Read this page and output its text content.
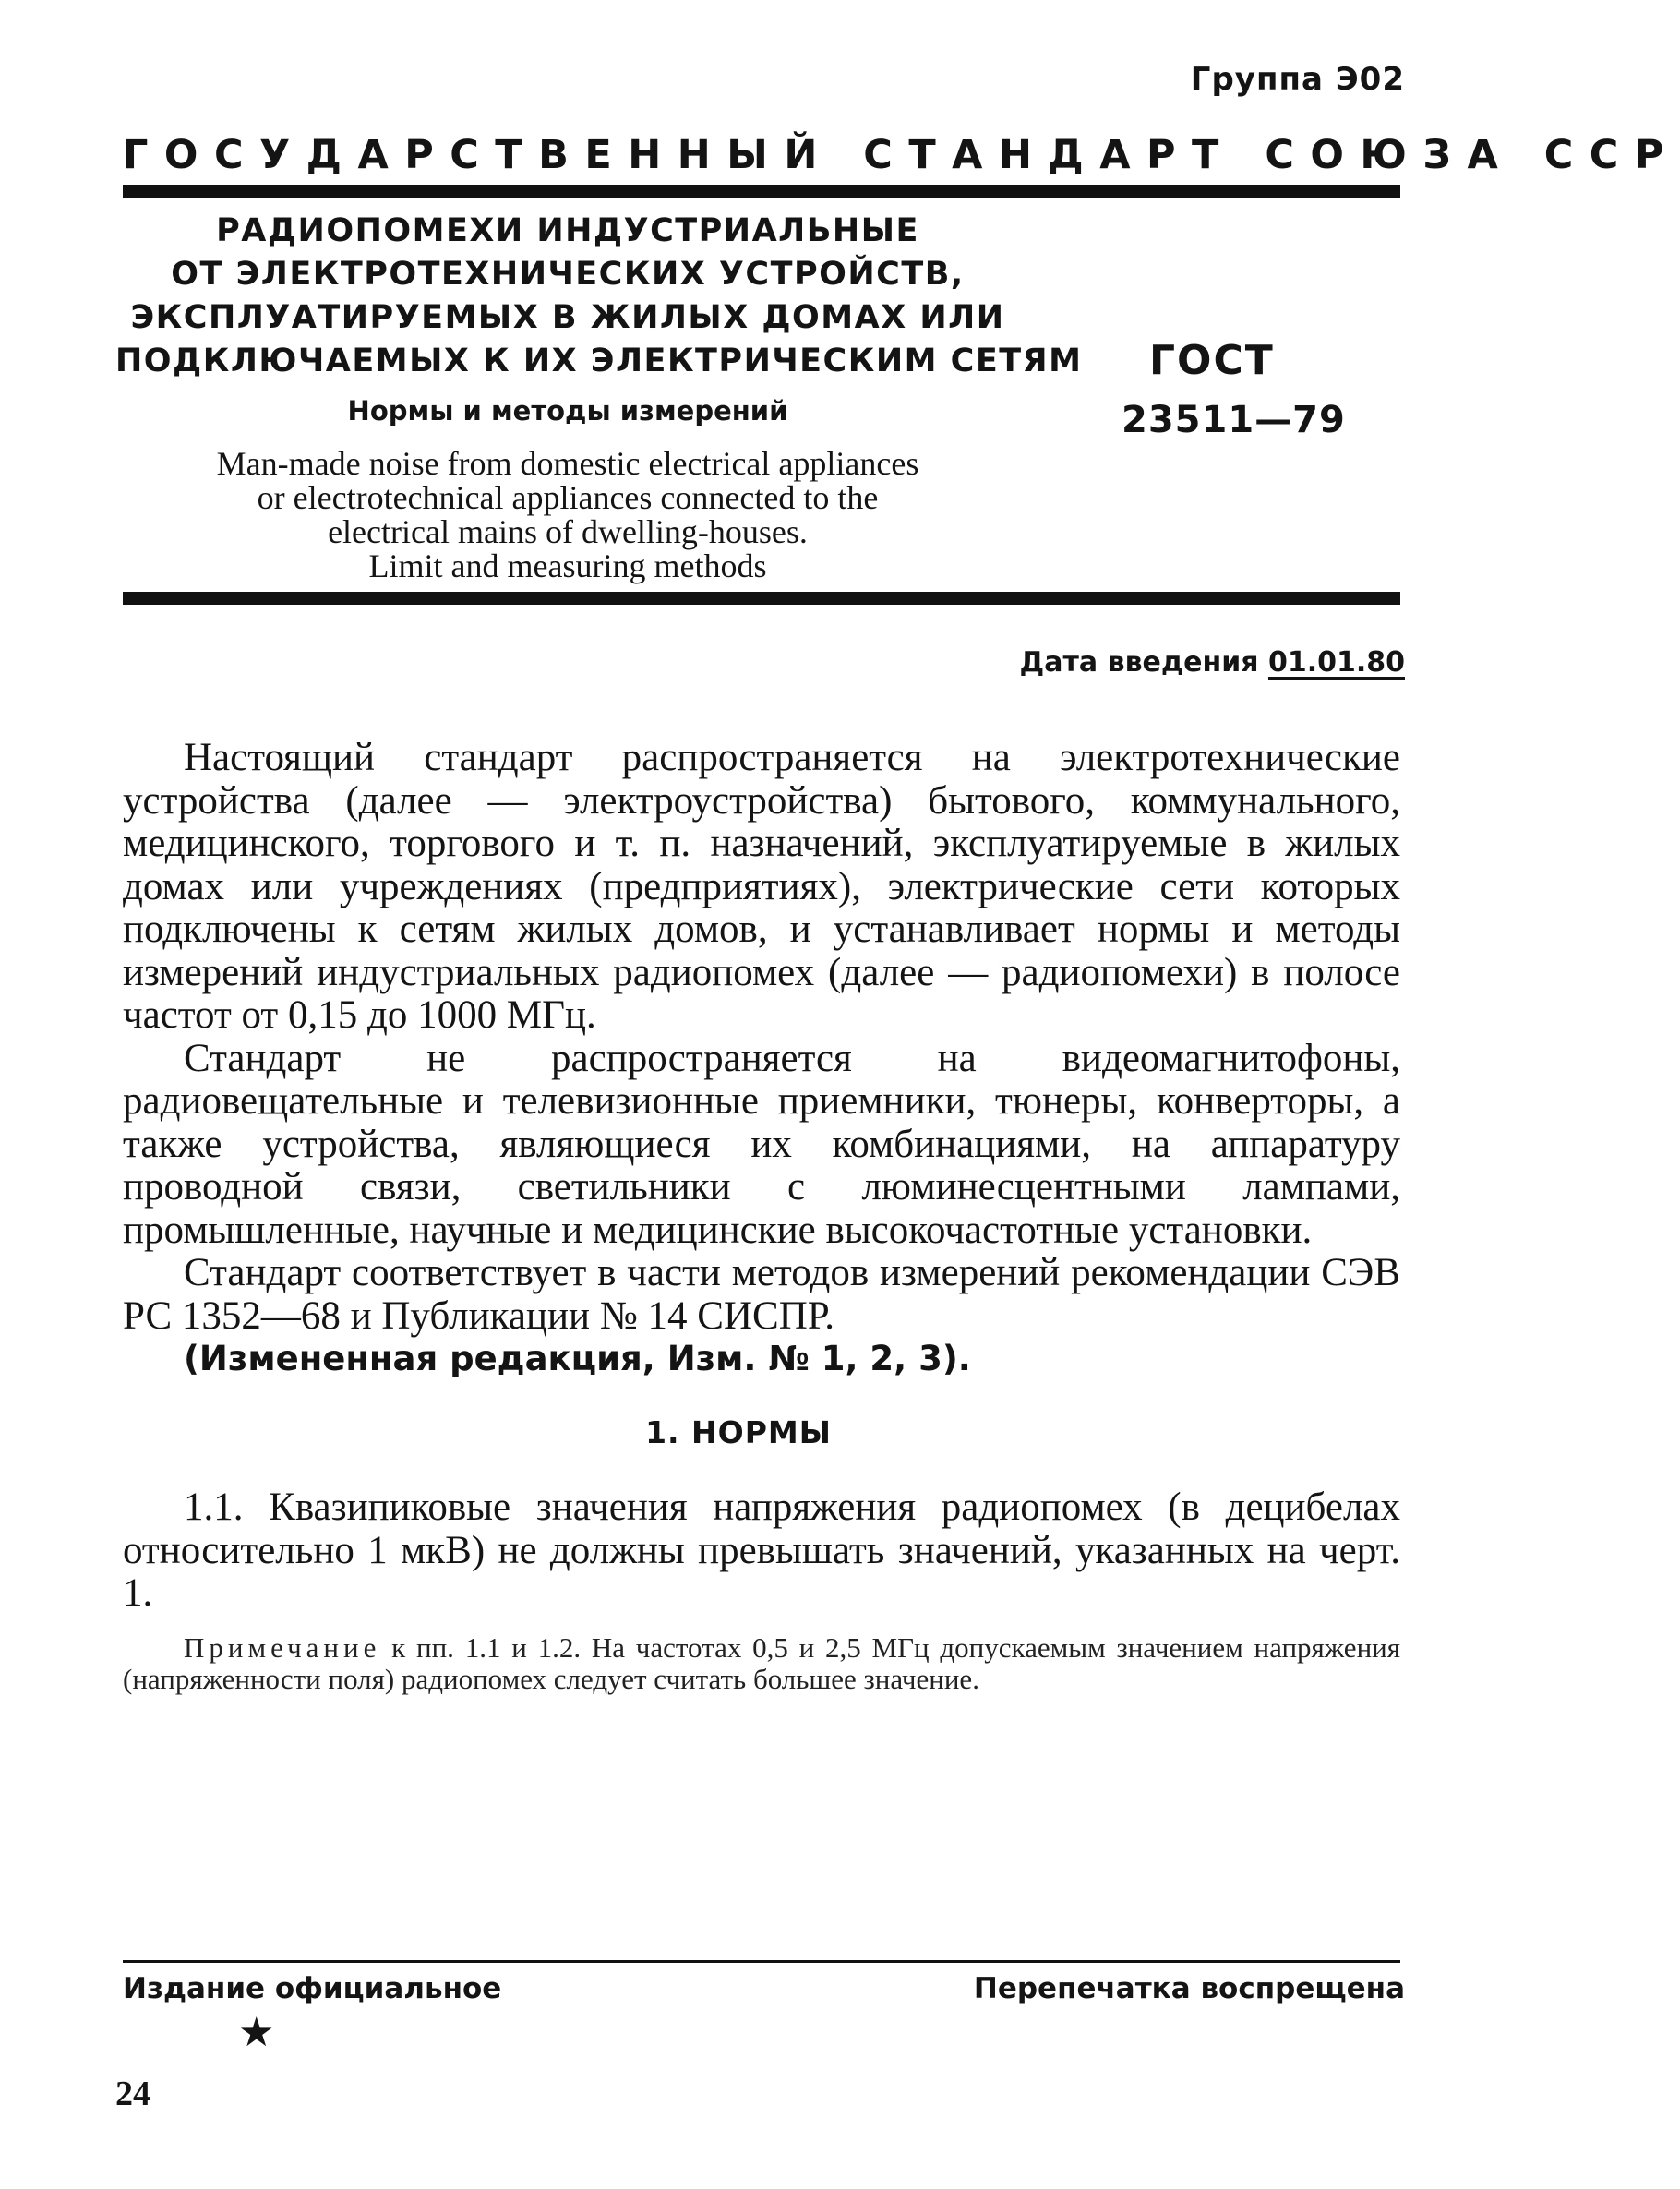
Группа Э02
ГОСУДАРСТВЕННЫЙ СТАНДАРТ СОЮЗА ССР
РАДИОПОМЕХИ ИНДУСТРИАЛЬНЫЕ
ОТ ЭЛЕКТРОТЕХНИЧЕСКИХ УСТРОЙСТВ,
ЭКСПЛУАТИРУЕМЫХ В ЖИЛЫХ ДОМАХ ИЛИ
ПОДКЛЮЧАЕМЫХ К ИХ ЭЛЕКТРИЧЕСКИМ СЕТЯМ
Нормы и методы измерений
Man-made noise from domestic electrical appliances
or electrotechnical appliances connected to the
electrical mains of dwelling-houses.
Limit and measuring methods
ГОСТ
23511—79
Дата введения 01.01.80

Настоящий стандарт распространяется на электротехнические устройства (далее — электроустройства) бытового, коммунального, медицинского, торгового и т. п. назначений, эксплуатируемые в жилых домах или учреждениях (предприятиях), электрические сети которых подключены к сетям жилых домов, и устанавливает нормы и методы измерений индустриальных радиопомех (далее — радиопомехи) в полосе частот от 0,15 до 1000 МГц.

Стандарт не распространяется на видеомагнитофоны, радиовещательные и телевизионные приемники, тюнеры, конверторы, а также устройства, являющиеся их комбинациями, на аппаратуру проводной связи, светильники с люминесцентными лампами, промышленные, научные и медицинские высокочастотные установки.

Стандарт соответствует в части методов измерений рекомендации СЭВ РС 1352—68 и Публикации № 14 СИСПР.

(Измененная редакция, Изм. № 1, 2, 3).

1. НОРМЫ

1.1. Квазипиковые значения напряжения радиопомех (в децибелах относительно 1 мкВ) не должны превышать значений, указанных на черт. 1.

Примечание к пп. 1.1 и 1.2. На частотах 0,5 и 2,5 МГц допускаемым значением напряжения (напряженности поля) радиопомех следует считать большее значение.

Издание официальное	Перепечатка воспрещена
★
24
